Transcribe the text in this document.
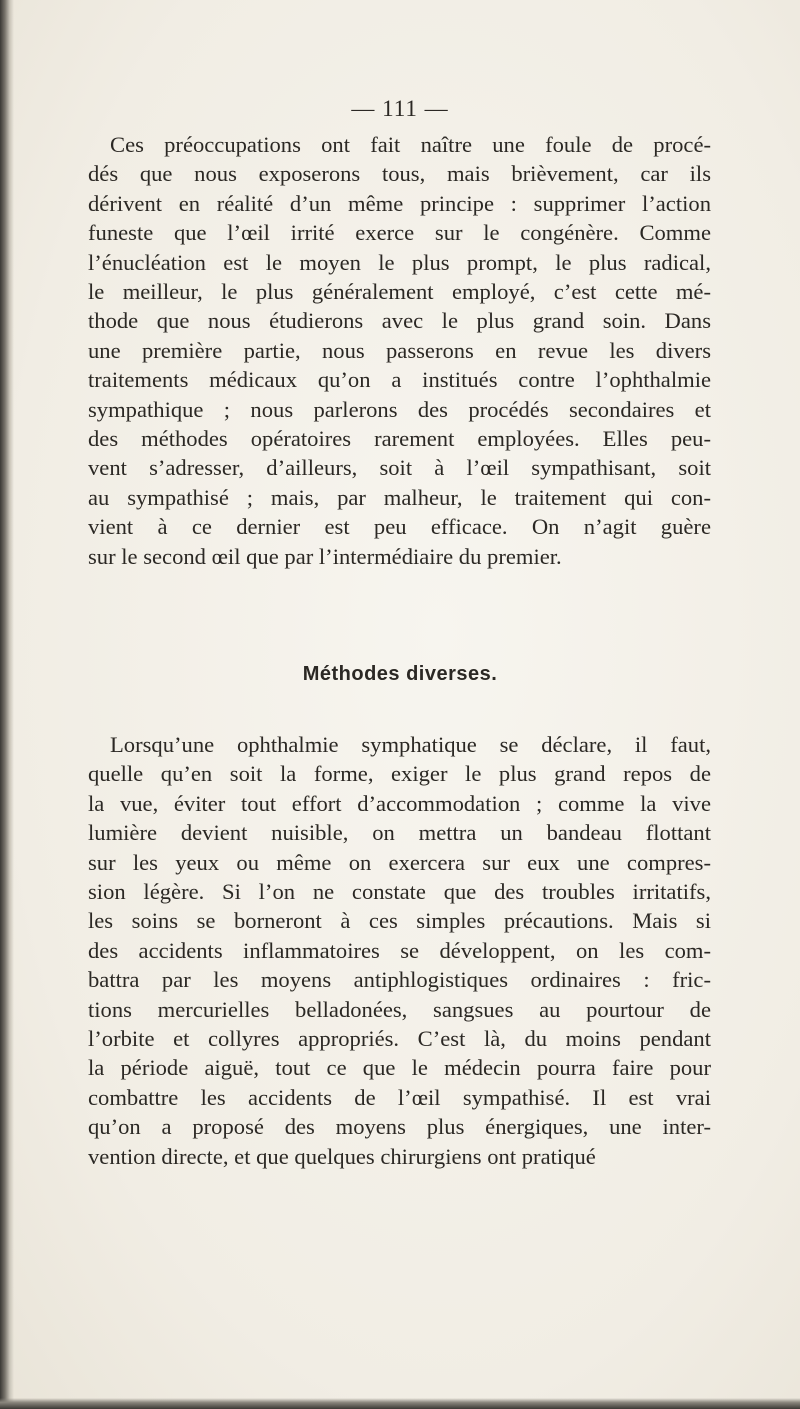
— 111 —
Ces préoccupations ont fait naître une foule de procé-
dés que nous exposerons tous, mais brièvement, car ils
dérivent en réalité d’un même principe : supprimer l’action
funeste que l’œil irrité exerce sur le congénère. Comme
l’énucléation est le moyen le plus prompt, le plus radical,
le meilleur, le plus généralement employé, c’est cette mé-
thode que nous étudierons avec le plus grand soin. Dans
une première partie, nous passerons en revue les divers
traitements médicaux qu’on a institués contre l’ophthalmie
sympathique ; nous parlerons des procédés secondaires et
des méthodes opératoires rarement employées. Elles peu-
vent s’adresser, d’ailleurs, soit à l’œil sympathisant, soit
au sympathisé ; mais, par malheur, le traitement qui con-
vient à ce dernier est peu efficace. On n’agit guère
sur le second œil que par l’intermédiaire du premier.
Méthodes diverses.
Lorsqu’une ophthalmie symphatique se déclare, il faut,
quelle qu’en soit la forme, exiger le plus grand repos de
la vue, éviter tout effort d’accommodation ; comme la vive
lumière devient nuisible, on mettra un bandeau flottant
sur les yeux ou même on exercera sur eux une compres-
sion légère. Si l’on ne constate que des troubles irritatifs,
les soins se borneront à ces simples précautions. Mais si
des accidents inflammatoires se développent, on les com-
battra par les moyens antiphlogistiques ordinaires : fric-
tions mercurielles belladonées, sangsues au pourtour de
l’orbite et collyres appropriés. C’est là, du moins pendant
la période aiguë, tout ce que le médecin pourra faire pour
combattre les accidents de l’œil sympathisé. Il est vrai
qu’on a proposé des moyens plus énergiques, une inter-
vention directe, et que quelques chirurgiens ont pratiqué
